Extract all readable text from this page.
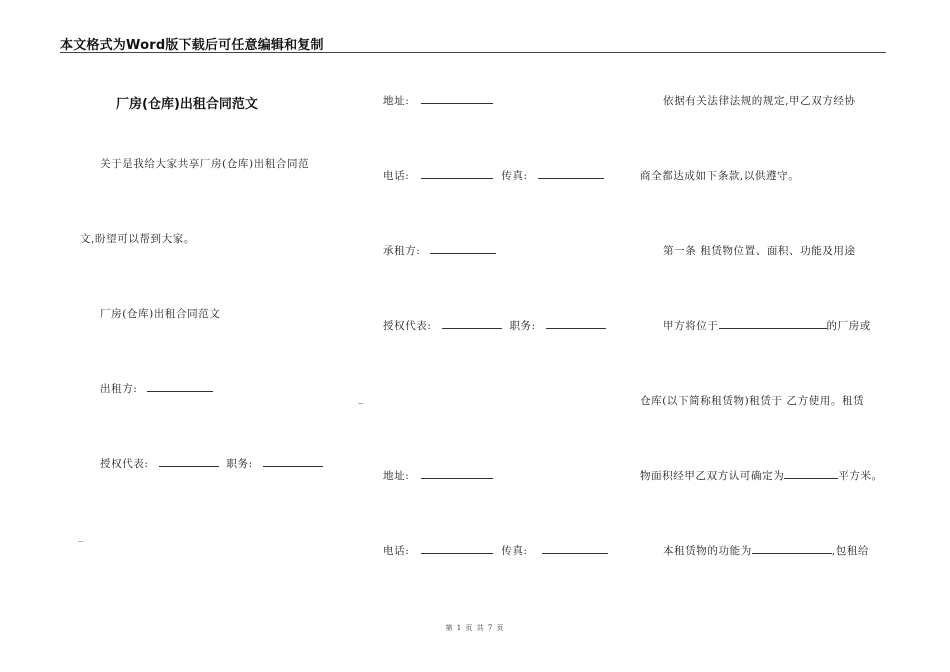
本文格式为Word版下载后可任意编辑和复制
厂房(仓库)出租合同范文
关于是我给大家共享厂房(仓库)出租合同范
文,盼望可以帮到大家。
厂房(仓库)出租合同范文
出租方:
授权代表:	职务:
_
地址:
电话:	传真:
承租方:
授权代表:	职务:
_
地址:
电话:	传真:
依据有关法律法规的规定,甲乙双方经协
商全都达成如下条款,以供遵守。
第一条 租赁物位置、面积、功能及用途
甲方将位于	的厂房或
仓库(以下简称租赁物)租赁于 乙方使用。租赁
物面积经甲乙双方认可确定为	平方米。
本租赁物的功能为	,包租给
第 1 页 共 7 页
